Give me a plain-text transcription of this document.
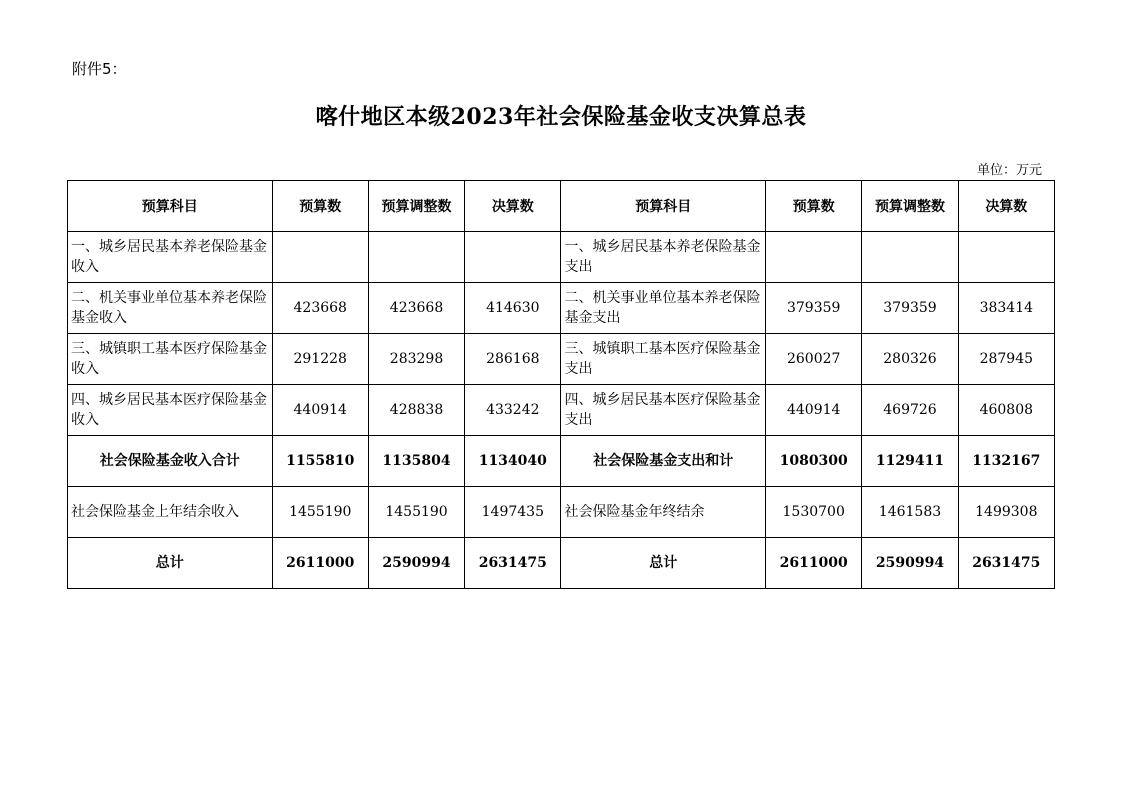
附件5：
喀什地区本级2023年社会保险基金收支决算总表
单位：万元
预算科目	预算数	预算调整数	决算数	预算科目	预算数	预算调整数	决算数
一、城乡居民基本养老保险基金收入				一、城乡居民基本养老保险基金支出			
二、机关事业单位基本养老保险基金收入	423668	423668	414630	二、机关事业单位基本养老保险基金支出	379359	379359	383414
三、城镇职工基本医疗保险基金收入	291228	283298	286168	三、城镇职工基本医疗保险基金支出	260027	280326	287945
四、城乡居民基本医疗保险基金收入	440914	428838	433242	四、城乡居民基本医疗保险基金支出	440914	469726	460808
社会保险基金收入合计	1155810	1135804	1134040	社会保险基金支出和计	1080300	1129411	1132167
社会保险基金上年结余收入	1455190	1455190	1497435	社会保险基金年终结余	1530700	1461583	1499308
总计	2611000	2590994	2631475	总计	2611000	2590994	2631475
